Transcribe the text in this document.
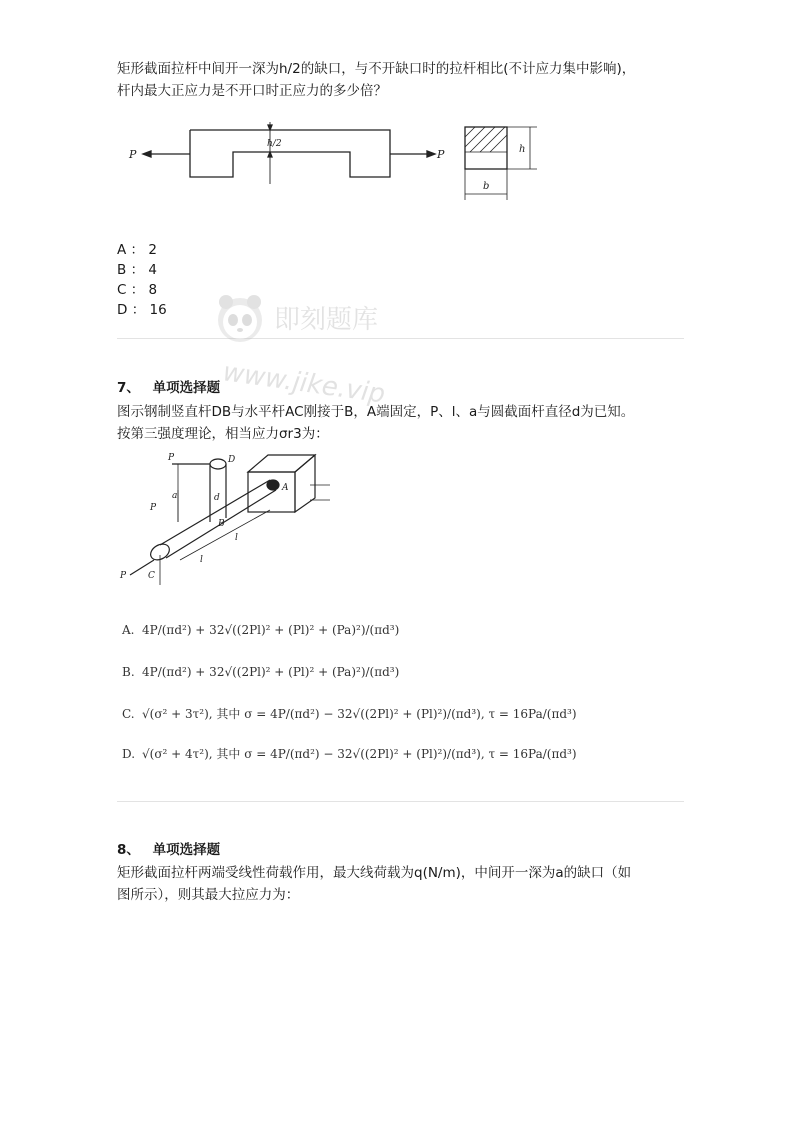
矩形截面拉杆中间开一深为h/2的缺口，与不开缺口时的拉杆相比(不计应力集中影响)，
杆内最大正应力是不开口时正应力的多少倍？
P	P
h/2	h
b
A ： 2
B ： 4
C ： 8
D ： 16	即刻题库
www.jike.vip
7、 单项选择题
图示钢制竖直杆DB与水平杆AC刚接于B，A端固定，P、l、a与圆截面杆直径d为已知。
按第三强度理论，相当应力σr3为：
P	D
A
B
C
a	d
l
l
P
P
A. 4P/(πd²) + 32√((2Pl)² + (Pl)² + (Pa)²)/(πd³)
B. 4P/(πd²) + 32√((2Pl)² + (Pl)² + (Pa)²)/(πd³)
C. √(σ² + 3τ²), 其中 σ = 4P/(πd²) − 32√((2Pl)² + (Pl)²)/(πd³), τ = 16Pa/(πd³)
D. √(σ² + 4τ²), 其中 σ = 4P/(πd²) − 32√((2Pl)² + (Pl)²)/(πd³), τ = 16Pa/(πd³)
8、 单项选择题
矩形截面拉杆两端受线性荷载作用，最大线荷载为q(N/m)，中间开一深为a的缺口（如
图所示），则其最大拉应力为：
